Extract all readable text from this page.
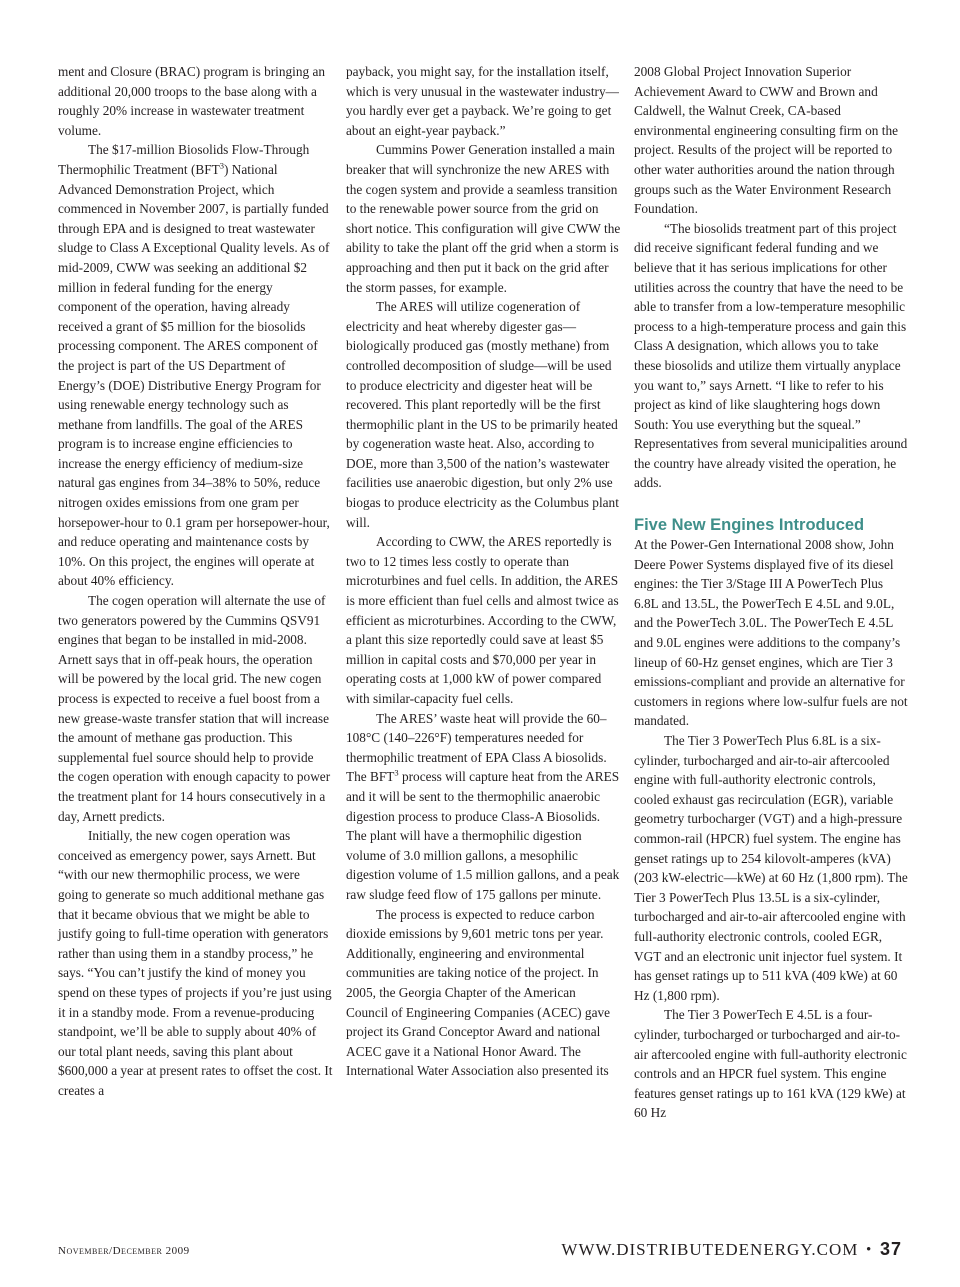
ment and Closure (BRAC) program is bringing an additional 20,000 troops to the base along with a roughly 20% increase in wastewater treatment volume.

The $17-million Biosolids Flow-Through Thermophilic Treatment (BFT$^3$) National Advanced Demonstration Project, which commenced in November 2007, is partially funded through EPA and is designed to treat wastewater sludge to Class A Exceptional Quality levels. As of mid-2009, CWW was seeking an additional $2 million in federal funding for the energy component of the operation, having already received a grant of $5 million for the biosolids processing component. The ARES component of the project is part of the US Department of Energy’s (DOE) Distributive Energy Program for using renewable energy technology such as methane from landfills. The goal of the ARES program is to increase engine efficiencies to increase the energy efficiency of medium-size natural gas engines from 34–38% to 50%, reduce nitrogen oxides emissions from one gram per horsepower-hour to 0.1 gram per horsepower-hour, and reduce operating and maintenance costs by 10%. On this project, the engines will operate at about 40% efficiency.

The cogen operation will alternate the use of two generators powered by the Cummins QSV91 engines that began to be installed in mid-2008. Arnett says that in off-peak hours, the operation will be powered by the local grid. The new cogen process is expected to receive a fuel boost from a new grease-waste transfer station that will increase the amount of methane gas production. This supplemental fuel source should help to provide the cogen operation with enough capacity to power the treatment plant for 14 hours consecutively in a day, Arnett predicts.

Initially, the new cogen operation was conceived as emergency power, says Arnett. But “with our new thermophilic process, we were going to generate so much additional methane gas that it became obvious that we might be able to justify going to full-time operation with generators rather than using them in a standby process,” he says. “You can’t justify the kind of money you spend on these types of projects if you’re just using it in a standby mode. From a revenue-producing standpoint, we’ll be able to supply about 40% of our total plant needs, saving this plant about $600,000 a year at present rates to offset the cost. It creates a

payback, you might say, for the installation itself, which is very unusual in the wastewater industry—you hardly ever get a payback. We’re going to get about an eight-year payback.”

Cummins Power Generation installed a main breaker that will synchronize the new ARES with the cogen system and provide a seamless transition to the renewable power source from the grid on short notice. This configuration will give CWW the ability to take the plant off the grid when a storm is approaching and then put it back on the grid after the storm passes, for example.

The ARES will utilize cogeneration of electricity and heat whereby digester gas—biologically produced gas (mostly methane) from controlled decomposition of sludge—will be used to produce electricity and digester heat will be recovered. This plant reportedly will be the first thermophilic plant in the US to be primarily heated by cogeneration waste heat. Also, according to DOE, more than 3,500 of the nation’s wastewater facilities use anaerobic digestion, but only 2% use biogas to produce electricity as the Columbus plant will.

According to CWW, the ARES reportedly is two to 12 times less costly to operate than microturbines and fuel cells. In addition, the ARES is more efficient than fuel cells and almost twice as efficient as microturbines. According to the CWW, a plant this size reportedly could save at least $5 million in capital costs and $70,000 per year in operating costs at 1,000 kW of power compared with similar-capacity fuel cells.

The ARES’ waste heat will provide the 60–108°C (140–226°F) temperatures needed for thermophilic treatment of EPA Class A biosolids. The BFT$^3$ process will capture heat from the ARES and it will be sent to the thermophilic anaerobic digestion process to produce Class-A Biosolids. The plant will have a thermophilic digestion volume of 3.0 million gallons, a mesophilic digestion volume of 1.5 million gallons, and a peak raw sludge feed flow of 175 gallons per minute.

The process is expected to reduce carbon dioxide emissions by 9,601 metric tons per year. Additionally, engineering and environmental communities are taking notice of the project. In 2005, the Georgia Chapter of the American Council of Engineering Companies (ACEC) gave project its Grand Conceptor Award and national ACEC gave it a National Honor Award. The International Water Association also presented its

2008 Global Project Innovation Superior Achievement Award to CWW and Brown and Caldwell, the Walnut Creek, CA-based environmental engineering consulting firm on the project. Results of the project will be reported to other water authorities around the nation through groups such as the Water Environment Research Foundation.

“The biosolids treatment part of this project did receive significant federal funding and we believe that it has serious implications for other utilities across the country that have the need to be able to transfer from a low-temperature mesophilic process to a high-temperature process and gain this Class A designation, which allows you to take these biosolids and utilize them virtually anyplace you want to,” says Arnett. “I like to refer to his project as kind of like slaughtering hogs down South: You use everything but the squeal.” Representatives from several municipalities around the country have already visited the operation, he adds.

Five New Engines Introduced

At the Power-Gen International 2008 show, John Deere Power Systems displayed five of its diesel engines: the Tier 3/Stage III A PowerTech Plus 6.8L and 13.5L, the PowerTech E 4.5L and 9.0L, and the PowerTech 3.0L. The PowerTech E 4.5L and 9.0L engines were additions to the company’s lineup of 60-Hz genset engines, which are Tier 3 emissions-compliant and provide an alternative for customers in regions where low-sulfur fuels are not mandated.

The Tier 3 PowerTech Plus 6.8L is a six-cylinder, turbocharged and air-to-air aftercooled engine with full-authority electronic controls, cooled exhaust gas recirculation (EGR), variable geometry turbocharger (VGT) and a high-pressure common-rail (HPCR) fuel system. The engine has genset ratings up to 254 kilovolt-amperes (kVA) (203 kW-electric—kWe) at 60 Hz (1,800 rpm). The Tier 3 PowerTech Plus 13.5L is a six-cylinder, turbocharged and air-to-air aftercooled engine with full-authority electronic controls, cooled EGR, VGT and an electronic unit injector fuel system. It has genset ratings up to 511 kVA (409 kWe) at 60 Hz (1,800 rpm).

The Tier 3 PowerTech E 4.5L is a four-cylinder, turbocharged or turbocharged and air-to-air aftercooled engine with full-authority electronic controls and an HPCR fuel system. This engine features genset ratings up to 161 kVA (129 kWe) at 60 Hz

November/December 2009	WWW.DISTRIBUTEDENERGY.COM • 37
